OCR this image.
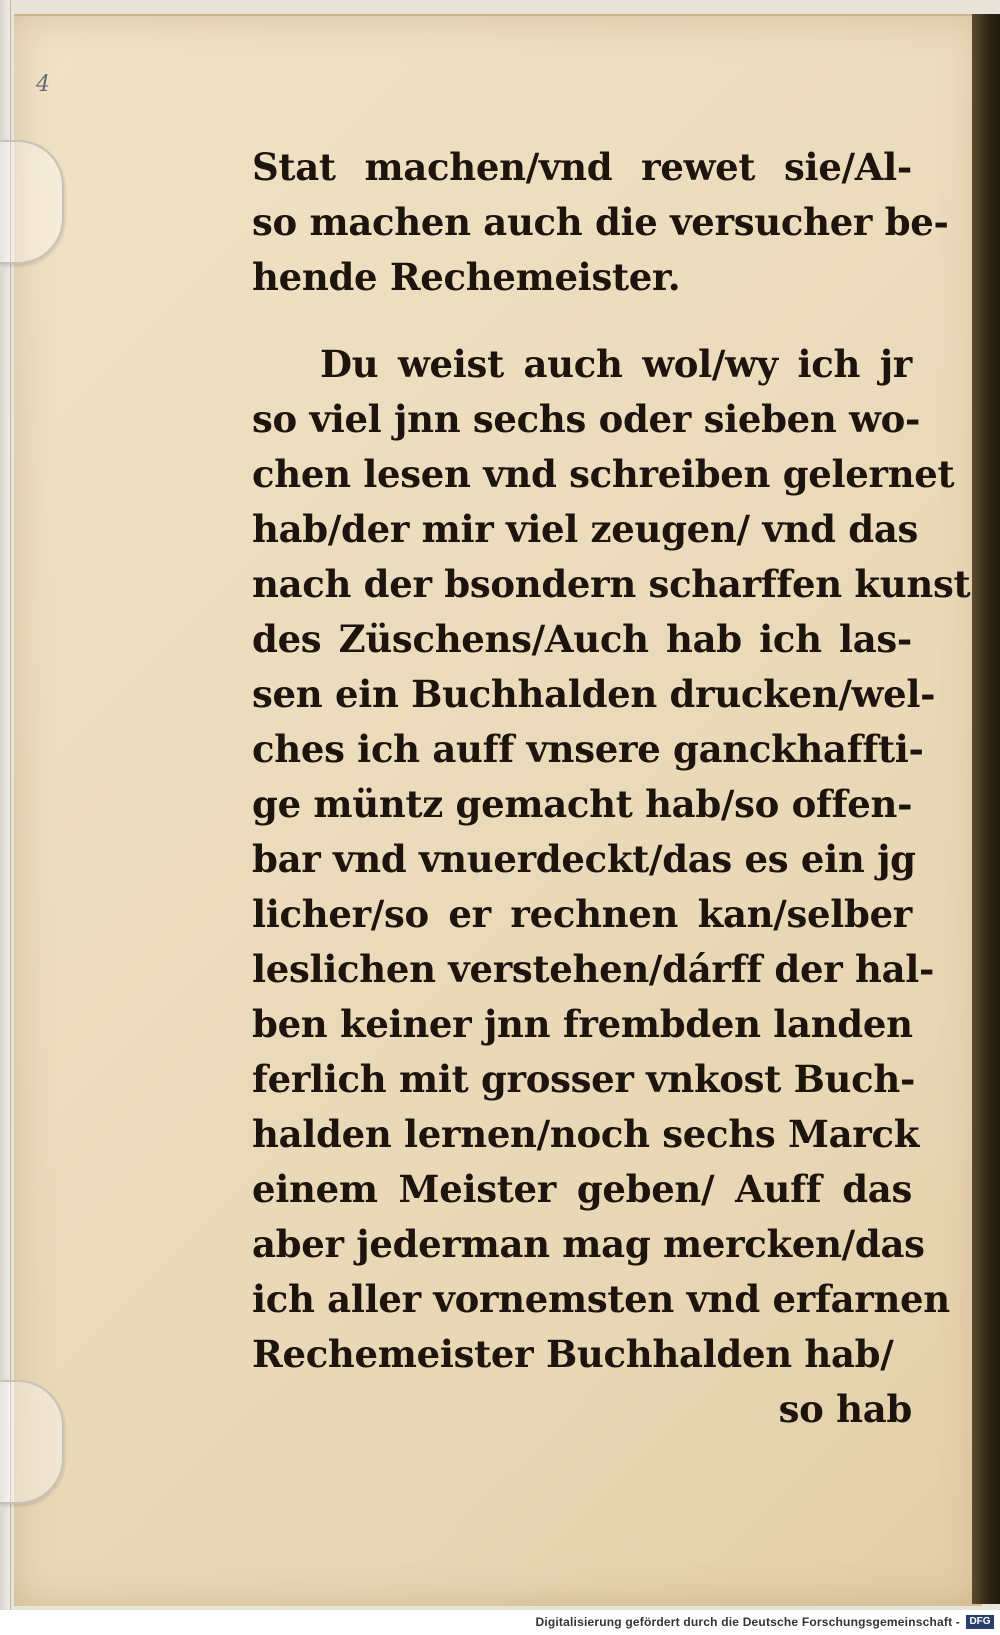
4
Stat machen/vnd rewet sie/Al-
so machen auch die versucher be-
hende Rechemeister.
Du weist auch wol/wy ich jr
so viel jnn sechs oder sieben wo-
chen lesen vnd schreiben gelernet
hab/der mir viel zeugen/ vnd das
nach der bsondern scharffen kunst
des Züschens/Auch hab ich las-
sen ein Buchhalden drucken/wel-
ches ich auff vnsere ganckhaffti-
ge müntz gemacht hab/so offen-
bar vnd vnuerdeckt/das es ein jg
licher/so er rechnen kan/selber
leslichen verstehen/dárff der hal-
ben keiner jnn frembden landen
ferlich mit grosser vnkost Buch-
halden lernen/noch sechs Marck
einem Meister geben/ Auff das
aber jederman mag mercken/das
ich aller vornemsten vnd erfarnen
Rechemeister Buchhalden hab/
so hab
Digitalisierung gefördert durch die Deutsche Forschungsgemeinschaft - DFG
